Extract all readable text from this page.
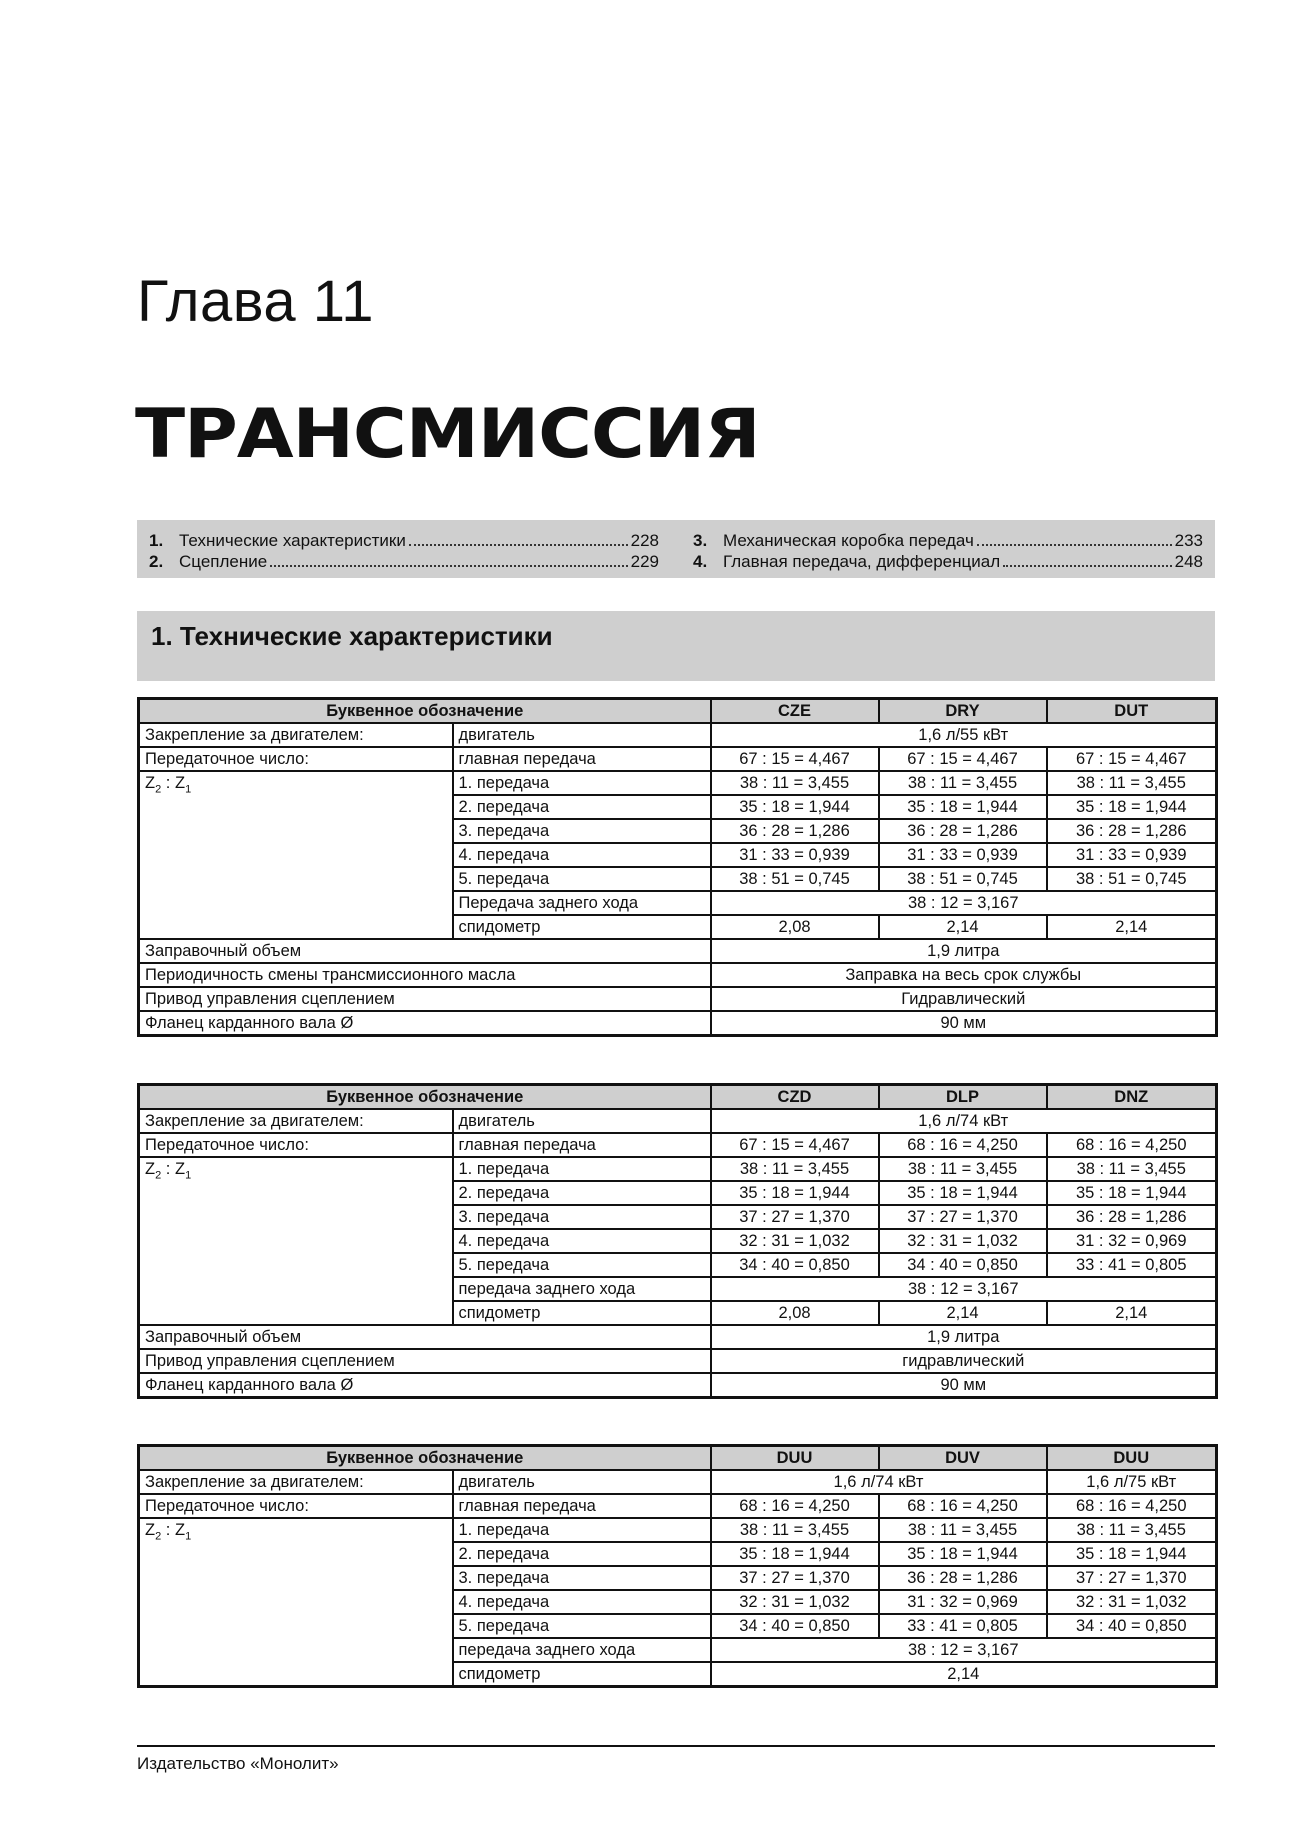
Глава 11
ТРАНСМИССИЯ
1. Технические характеристики	228
2. Сцепление	229
3. Механическая коробка передач	233
4. Главная передача, дифференциал	248
1. Технические характеристики
Буквенное обозначение		CZE	DRY	DUT
Закрепление за двигателем:	двигатель	1,6 л/55 кВт		
Передаточное число:	главная передача	67 : 15 = 4,467	67 : 15 = 4,467	67 : 15 = 4,467
$Z_2$ : $Z_1$	1. передача	38 : 11 = 3,455	38 : 11 = 3,455	38 : 11 = 3,455
	2. передача	35 : 18 = 1,944	35 : 18 = 1,944	35 : 18 = 1,944
	3. передача	36 : 28 = 1,286	36 : 28 = 1,286	36 : 28 = 1,286
	4. передача	31 : 33 = 0,939	31 : 33 = 0,939	31 : 33 = 0,939
	5. передача	38 : 51 = 0,745	38 : 51 = 0,745	38 : 51 = 0,745
	Передача заднего хода	38 : 12 = 3,167		
	спидометр	2,08	2,14	2,14
Заправочный объем		1,9 литра		
Периодичность смены трансмиссионного масла		Заправка на весь срок службы		
Привод управления сцеплением		Гидравлический		
Фланец карданного вала Ø		90 мм		
Буквенное обозначение		CZD	DLP	DNZ
Закрепление за двигателем:	двигатель	1,6 л/74 кВт		
Передаточное число:	главная передача	67 : 15 = 4,467	68 : 16 = 4,250	68 : 16 = 4,250
$Z_2$ : $Z_1$	1. передача	38 : 11 = 3,455	38 : 11 = 3,455	38 : 11 = 3,455
	2. передача	35 : 18 = 1,944	35 : 18 = 1,944	35 : 18 = 1,944
	3. передача	37 : 27 = 1,370	37 : 27 = 1,370	36 : 28 = 1,286
	4. передача	32 : 31 = 1,032	32 : 31 = 1,032	31 : 32 = 0,969
	5. передача	34 : 40 = 0,850	34 : 40 = 0,850	33 : 41 = 0,805
	передача заднего хода	38 : 12 = 3,167		
	спидометр	2,08	2,14	2,14
Заправочный объем		1,9 литра		
Привод управления сцеплением		гидравлический		
Фланец карданного вала Ø		90 мм		
Буквенное обозначение		DUU	DUV	DUU
Закрепление за двигателем:	двигатель	1,6 л/74 кВт		1,6 л/75 кВт
Передаточное число:	главная передача	68 : 16 = 4,250	68 : 16 = 4,250	68 : 16 = 4,250
$Z_2$ : $Z_1$	1. передача	38 : 11 = 3,455	38 : 11 = 3,455	38 : 11 = 3,455
	2. передача	35 : 18 = 1,944	35 : 18 = 1,944	35 : 18 = 1,944
	3. передача	37 : 27 = 1,370	36 : 28 = 1,286	37 : 27 = 1,370
	4. передача	32 : 31 = 1,032	31 : 32 = 0,969	32 : 31 = 1,032
	5. передача	34 : 40 = 0,850	33 : 41 = 0,805	34 : 40 = 0,850
	передача заднего хода	38 : 12 = 3,167		
	спидометр	2,14		

Издательство «Монолит»
